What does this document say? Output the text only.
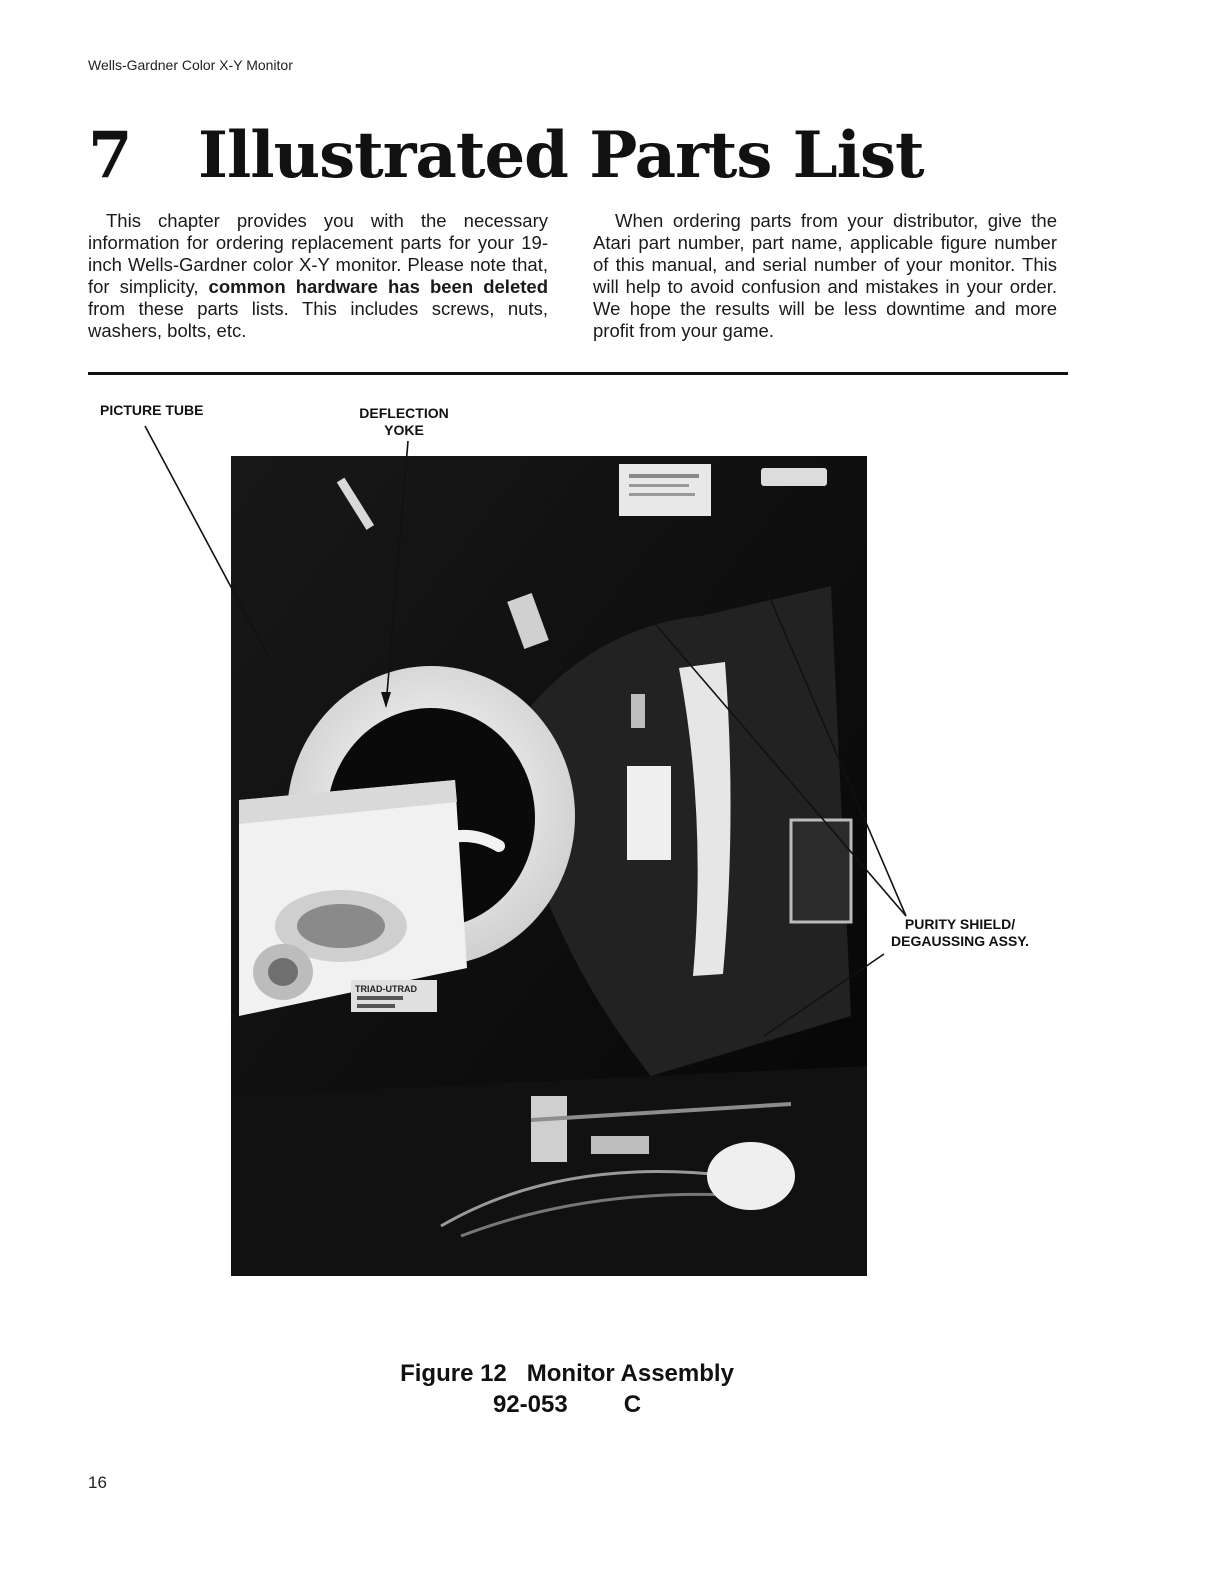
Wells-Gardner Color X-Y Monitor
7 Illustrated Parts List

This chapter provides you with the necessary information for ordering replacement parts for your 19-inch Wells-Gardner color X-Y monitor. Please note that, for simplicity, common hardware has been deleted from these parts lists. This includes screws, nuts, washers, bolts, etc.

When ordering parts from your distributor, give the Atari part number, part name, applicable figure number of this manual, and serial number of your monitor. This will help to avoid confusion and mistakes in your order. We hope the results will be less downtime and more profit from your game.

PICTURE TUBE	DEFLECTION
YOKE
PURITY SHIELD/
DEGAUSSING ASSY.
TRIAD-UTRAD
Figure 12   Monitor Assembly
92-053 C
16
